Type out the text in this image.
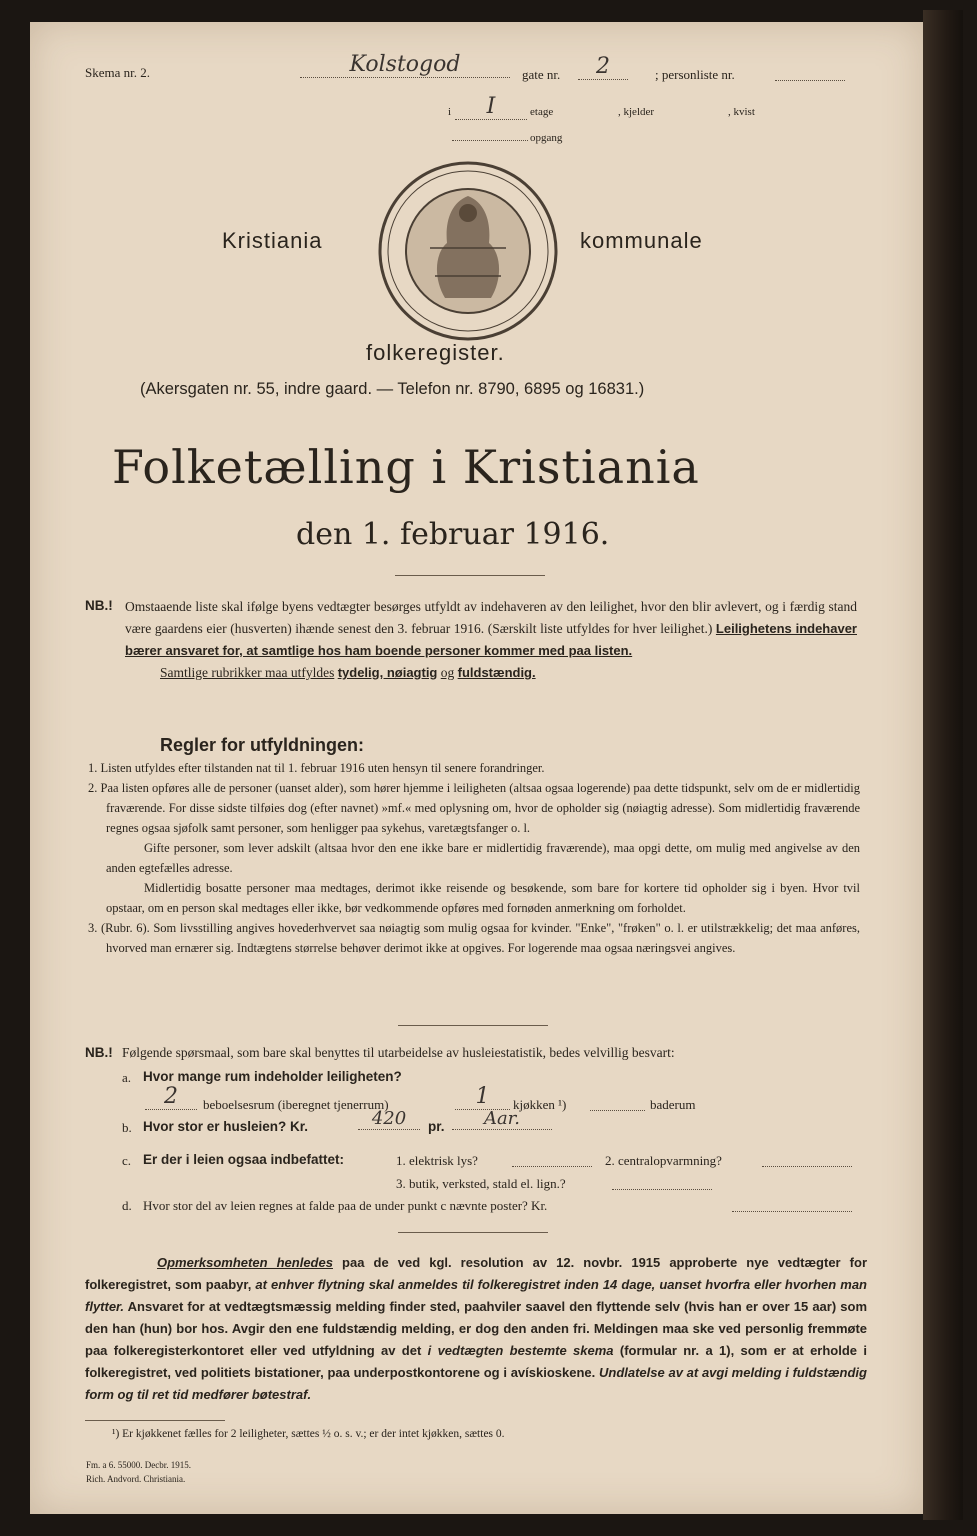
Skema nr. 2.	Kolstogod	gate nr.	2	; personliste nr.
i	I	etage	, kjelder	, kvist
opgang
Kristiania	kommunale
folkeregister.
(Akersgaten nr. 55, indre gaard. — Telefon nr. 8790, 6895 og 16831.)
Folketælling i Kristiania
den 1. februar 1916.
NB.! Omstaaende liste skal ifølge byens vedtægter besørges utfyldt av indehaveren av den leilighet, hvor den blir avlevert, og i færdig stand være gaardens eier (husverten) ihænde senest den 3. februar 1916. (Særskilt liste utfyldes for hver leilighet.) Leilighetens indehaver bærer ansvaret for, at samtlige hos ham boende personer kommer med paa listen.
Samtlige rubrikker maa utfyldes tydelig, nøiagtig og fuldstændig.
Regler for utfyldningen:
1. Listen utfyldes efter tilstanden nat til 1. februar 1916 uten hensyn til senere forandringer.
2. Paa listen opføres alle de personer (uanset alder), som hører hjemme i leiligheten (altsaa ogsaa logerende) paa dette tidspunkt, selv om de er midlertidig fraværende. For disse sidste tilføies dog (efter navnet) »mf.« med oplysning om, hvor de opholder sig (nøiagtig adresse). Som midlertidig fraværende regnes ogsaa sjøfolk samt personer, som henligger paa sykehus, varetægtsfanger o. l.
Gifte personer, som lever adskilt (altsaa hvor den ene ikke bare er midlertidig fraværende), maa opgi dette, om mulig med angivelse av den anden egtefælles adresse.
Midlertidig bosatte personer maa medtages, derimot ikke reisende og besøkende, som bare for kortere tid opholder sig i byen. Hvor tvil opstaar, om en person skal medtages eller ikke, bør vedkommende opføres med fornøden anmerkning om forholdet.
3. (Rubr. 6). Som livsstilling angives hovederhvervet saa nøiagtig som mulig ogsaa for kvinder. "Enke", "frøken" o. l. er utilstrækkelig; det maa anføres, hvorved man ernærer sig. Indtægtens størrelse behøver derimot ikke at opgives. For logerende maa ogsaa næringsvei angives.
NB.! Følgende spørsmaal, som bare skal benyttes til utarbeidelse av husleiestatistik, bedes velvillig besvart:
a. Hvor mange rum indeholder leiligheten?
2	beboelsesrum (iberegnet tjenerrum)	1	kjøkken ¹)	baderum
b. Hvor stor er husleien? Kr.	420	pr.	Aar.
c. Er der i leien ogsaa indbefattet:	1. elektrisk lys?	2. centralopvarmning?
3. butik, verksted, stald el. lign.?
d. Hvor stor del av leien regnes at falde paa de under punkt c nævnte poster? Kr.
Opmerksomheten henledes paa de ved kgl. resolution av 12. novbr. 1915 approberte nye vedtægter for folkeregistret, som paabyr, at enhver flytning skal anmeldes til folkeregistret inden 14 dage, uanset hvorfra eller hvorhen man flytter. Ansvaret for at vedtægtsmæssig melding finder sted, paahviler saavel den flyttende selv (hvis han er over 15 aar) som den han (hun) bor hos. Avgir den ene fuldstændig melding, er dog den anden fri. Meldingen maa ske ved personlig fremmøte paa folkeregisterkontoret eller ved utfyldning av det i vedtægten bestemte skema (formular nr. a 1), som er at erholde i folkeregistret, ved politiets bistationer, paa underpostkontorene og i avískioskene. Undlatelse av at avgi melding i fuldstændig form og til ret tid medfører bøtestraf.
¹) Er kjøkkenet fælles for 2 leiligheter, sættes ½ o. s. v.; er der intet kjøkken, sættes 0.
Fm. a 6. 55000. Decbr. 1915.
Rich. Andvord. Christiania.
